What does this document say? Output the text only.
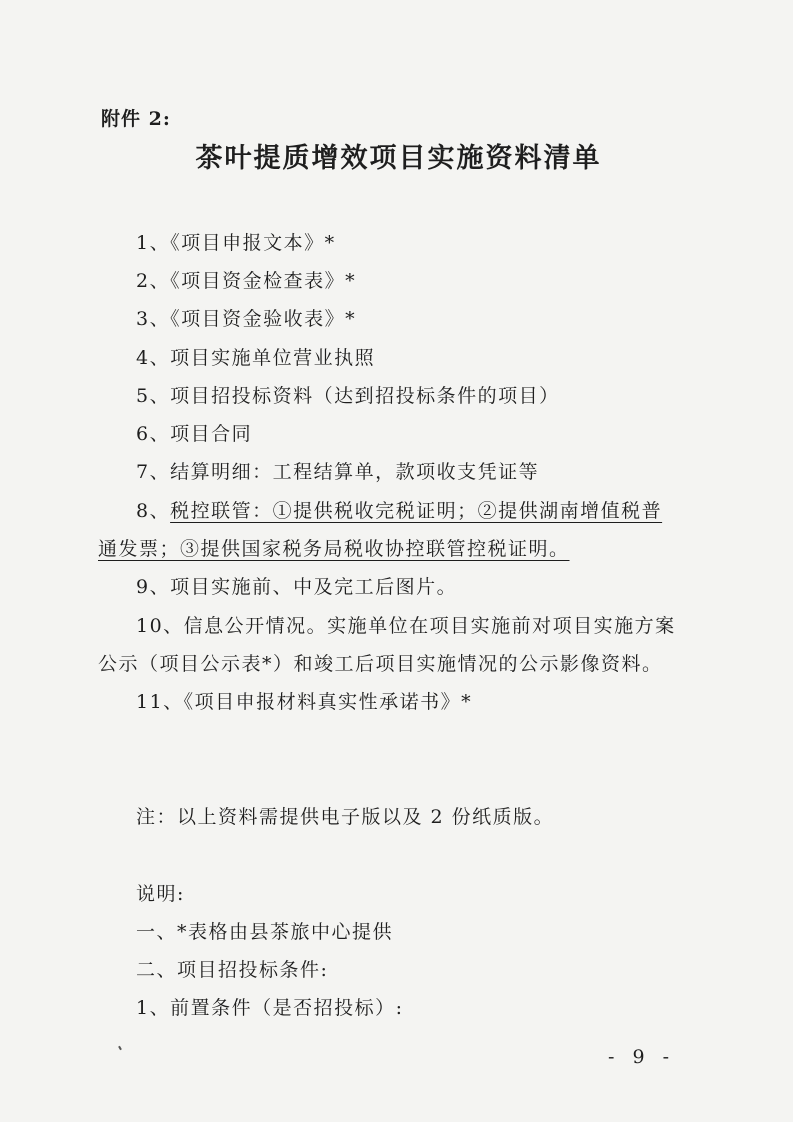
附件 2:
茶叶提质增效项目实施资料清单
1、《项目申报文本》*
2、《项目资金检查表》*
3、《项目资金验收表》*
4、项目实施单位营业执照
5、项目招投标资料（达到招投标条件的项目）
6、项目合同
7、结算明细：工程结算单，款项收支凭证等
8、税控联管：①提供税收完税证明；②提供湖南增值税普
通发票；③提供国家税务局税收协控联管控税证明。
9、项目实施前、中及完工后图片。
10、信息公开情况。实施单位在项目实施前对项目实施方案
公示（项目公示表*）和竣工后项目实施情况的公示影像资料。
11、《项目申报材料真实性承诺书》*
注：以上资料需提供电子版以及 2 份纸质版。
说明:
一、*表格由县茶旅中心提供
二、项目招投标条件:
1、前置条件（是否招投标）:
- 9 -
